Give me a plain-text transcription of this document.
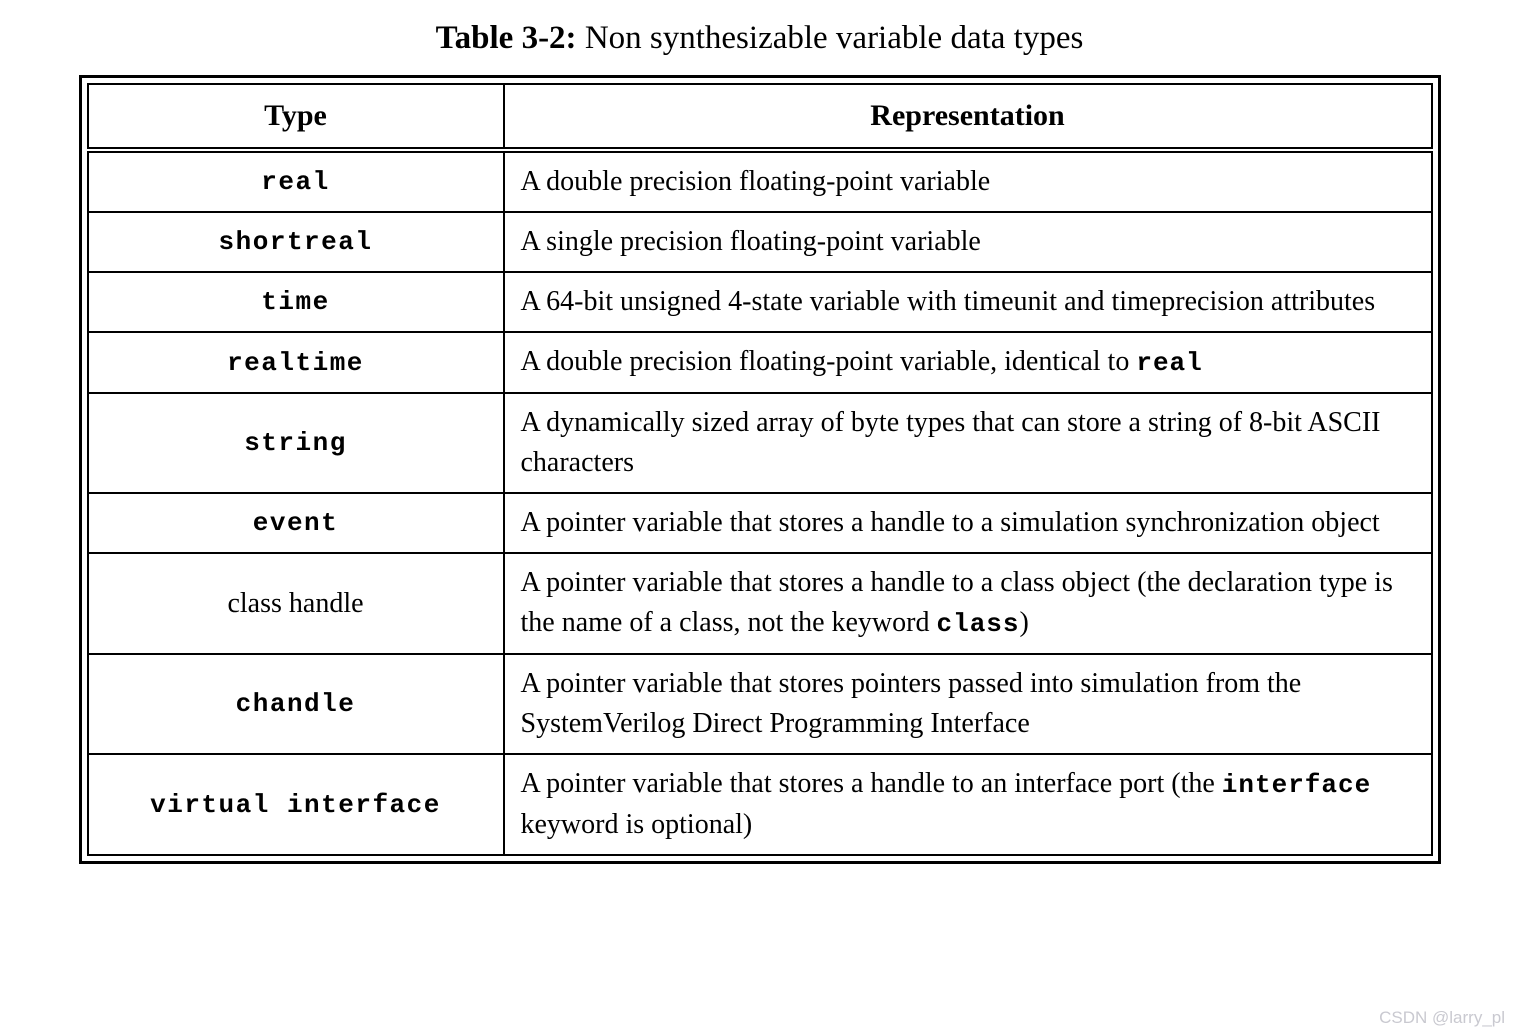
Table 3-2: Non synthesizable variable data types
Type	Representation
real	A double precision floating-point variable
shortreal	A single precision floating-point variable
time	A 64-bit unsigned 4-state variable with timeunit and timeprecision attributes
realtime	A double precision floating-point variable, identical to real
string	A dynamically sized array of byte types that can store a string of 8-bit ASCII characters
event	A pointer variable that stores a handle to a simulation synchronization object
class handle	A pointer variable that stores a handle to a class object (the declaration type is the name of a class, not the keyword class)
chandle	A pointer variable that stores pointers passed into simulation from the SystemVerilog Direct Programming Interface
virtual interface	A pointer variable that stores a handle to an interface port (the interface keyword is optional)
CSDN @larry_pl
